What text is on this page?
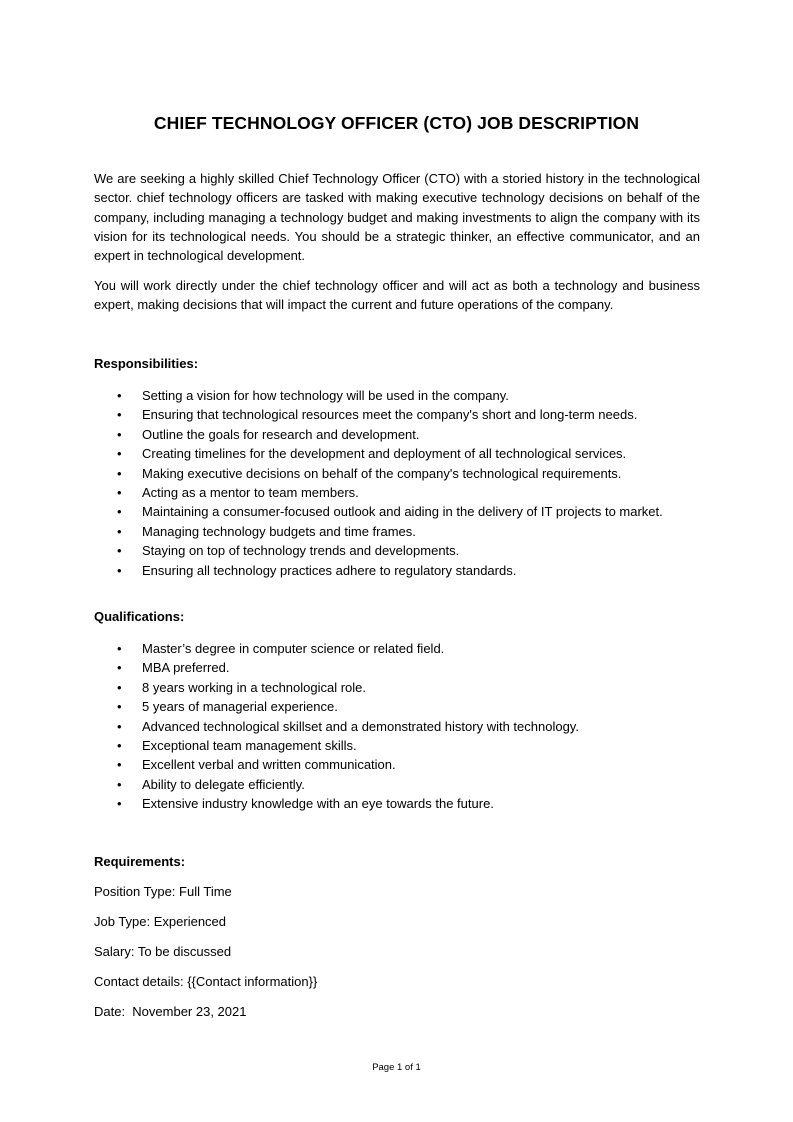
CHIEF TECHNOLOGY OFFICER (CTO) JOB DESCRIPTION

We are seeking a highly skilled Chief Technology Officer (CTO) with a storied history in the technological sector. chief technology officers are tasked with making executive technology decisions on behalf of the company, including managing a technology budget and making investments to align the company with its vision for its technological needs. You should be a strategic thinker, an effective communicator, and an expert in technological development.

You will work directly under the chief technology officer and will act as both a technology and business expert, making decisions that will impact the current and future operations of the company.

Responsibilities:
• Setting a vision for how technology will be used in the company.
• Ensuring that technological resources meet the company's short and long-term needs.
• Outline the goals for research and development.
• Creating timelines for the development and deployment of all technological services.
• Making executive decisions on behalf of the company's technological requirements.
• Acting as a mentor to team members.
• Maintaining a consumer-focused outlook and aiding in the delivery of IT projects to market.
• Managing technology budgets and time frames.
• Staying on top of technology trends and developments.
• Ensuring all technology practices adhere to regulatory standards.
Qualifications:
• Master’s degree in computer science or related field.
• MBA preferred.
• 8 years working in a technological role.
• 5 years of managerial experience.
• Advanced technological skillset and a demonstrated history with technology.
• Exceptional team management skills.
• Excellent verbal and written communication.
• Ability to delegate efficiently.
• Extensive industry knowledge with an eye towards the future.
Requirements:
Position Type: Full Time
Job Type: Experienced
Salary: To be discussed
Contact details: {{Contact information}}
Date:  November 23, 2021
Page 1 of 1
